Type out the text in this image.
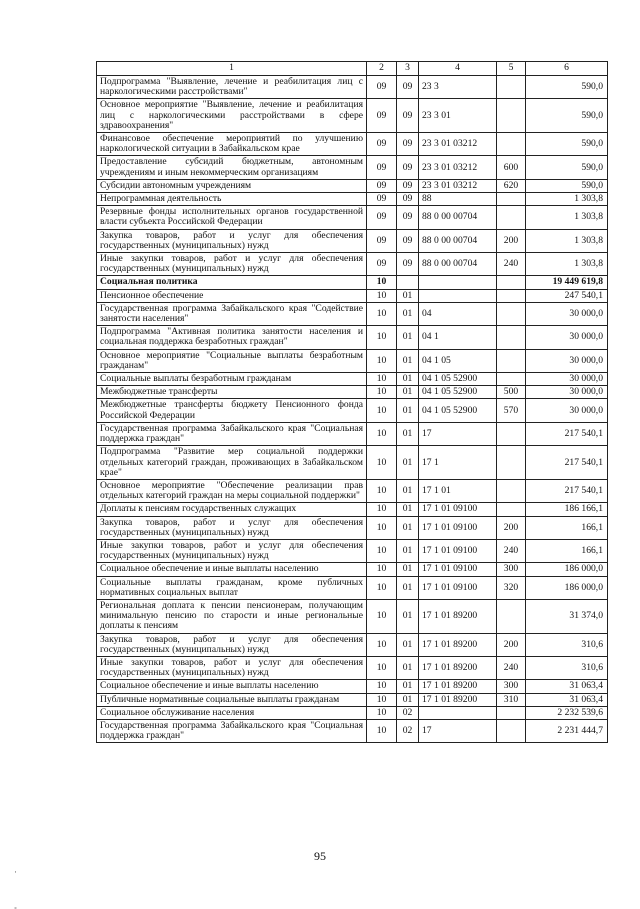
1	2	3	4	5	6
Подпрограмма "Выявление, лечение и реабилитация лиц с наркологическими расстройствами"	09	09	23 3		590,0
Основное мероприятие "Выявление, лечение и реабилитация лиц с наркологическими расстройствами в сфере здравоохранения"	09	09	23 3 01		590,0
Финансовое обеспечение мероприятий по улучшению наркологической ситуации в Забайкальском крае	09	09	23 3 01 03212		590,0
Предоставление субсидий бюджетным, автономным учреждениям и иным некоммерческим организациям	09	09	23 3 01 03212	600	590,0
Субсидии автономным учреждениям	09	09	23 3 01 03212	620	590,0
Непрограммная деятельность	09	09	88		1 303,8
Резервные фонды исполнительных органов государственной власти субъекта Российской Федерации	09	09	88 0 00 00704		1 303,8
Закупка товаров, работ и услуг для обеспечения государственных (муниципальных) нужд	09	09	88 0 00 00704	200	1 303,8
Иные закупки товаров, работ и услуг для обеспечения государственных (муниципальных) нужд	09	09	88 0 00 00704	240	1 303,8
Социальная политика	10				19 449 619,8
Пенсионное обеспечение	10	01			247 540,1
Государственная программа Забайкальского края "Содействие занятости населения"	10	01	04		30 000,0
Подпрограмма "Активная политика занятости населения и социальная поддержка безработных граждан"	10	01	04 1		30 000,0
Основное мероприятие "Социальные выплаты безработным гражданам"	10	01	04 1 05		30 000,0
Социальные выплаты безработным гражданам	10	01	04 1 05 52900		30 000,0
Межбюджетные трансферты	10	01	04 1 05 52900	500	30 000,0
Межбюджетные трансферты бюджету Пенсионного фонда Российской Федерации	10	01	04 1 05 52900	570	30 000,0
Государственная программа Забайкальского края "Социальная поддержка граждан"	10	01	17		217 540,1
Подпрограмма "Развитие мер социальной поддержки отдельных категорий граждан, проживающих в Забайкальском крае"	10	01	17 1		217 540,1
Основное мероприятие "Обеспечение реализации прав отдельных категорий граждан на меры социальной поддержки"	10	01	17 1 01		217 540,1
Доплаты к пенсиям государственных служащих	10	01	17 1 01 09100		186 166,1
Закупка товаров, работ и услуг для обеспечения государственных (муниципальных) нужд	10	01	17 1 01 09100	200	166,1
Иные закупки товаров, работ и услуг для обеспечения государственных (муниципальных) нужд	10	01	17 1 01 09100	240	166,1
Социальное обеспечение и иные выплаты населению	10	01	17 1 01 09100	300	186 000,0
Социальные выплаты гражданам, кроме публичных нормативных социальных выплат	10	01	17 1 01 09100	320	186 000,0
Региональная доплата к пенсии пенсионерам, получающим минимальную пенсию по старости и иные региональные доплаты к пенсиям	10	01	17 1 01 89200		31 374,0
Закупка товаров, работ и услуг для обеспечения государственных (муниципальных) нужд	10	01	17 1 01 89200	200	310,6
Иные закупки товаров, работ и услуг для обеспечения государственных (муниципальных) нужд	10	01	17 1 01 89200	240	310,6
Социальное обеспечение и иные выплаты населению	10	01	17 1 01 89200	300	31 063,4
Публичные нормативные социальные выплаты гражданам	10	01	17 1 01 89200	310	31 063,4
Социальное обслуживание населения	10	02			2 232 539,6
Государственная программа Забайкальского края "Социальная поддержка граждан"	10	02	17		2 231 444,7
95
·

˳
